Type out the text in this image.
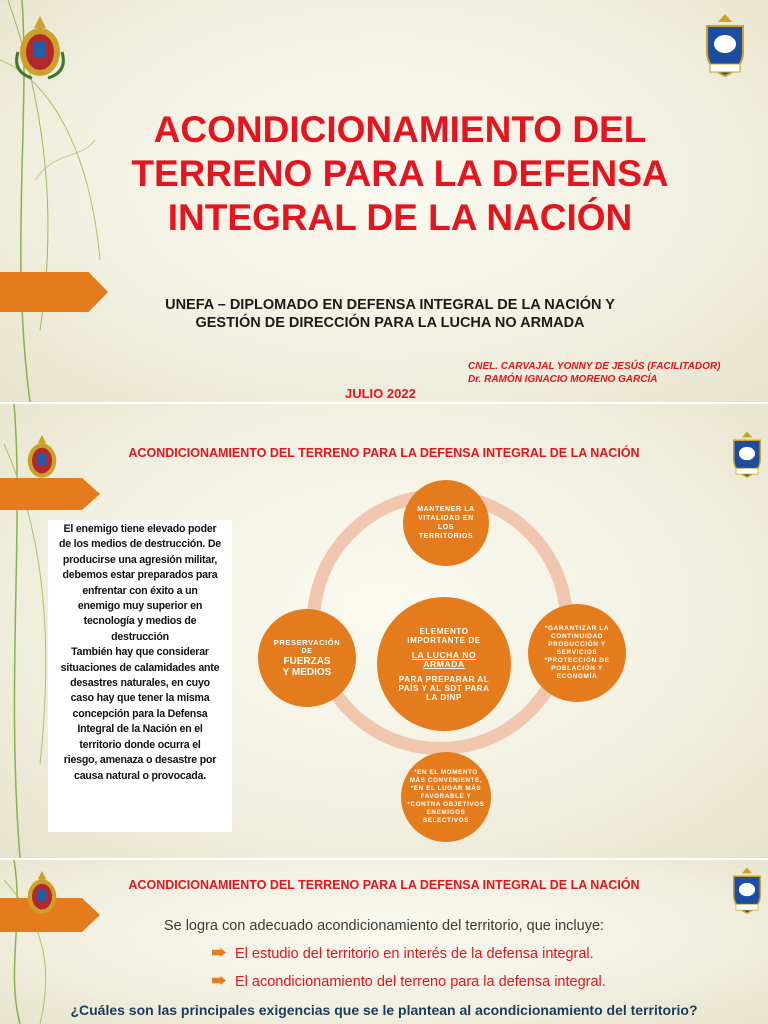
ACONDICIONAMIENTO DEL
TERRENO PARA LA DEFENSA
INTEGRAL DE LA NACIÓN
UNEFA – DIPLOMADO EN DEFENSA INTEGRAL DE LA NACIÓN Y
GESTIÓN DE DIRECCIÓN PARA LA LUCHA NO ARMADA
CNEL. CARVAJAL YONNY DE JESÚS (FACILITADOR)
Dr. RAMÓN IGNACIO MORENO GARCÍA
JULIO 2022
ACONDICIONAMIENTO DEL TERRENO PARA LA DEFENSA INTEGRAL DE LA NACIÓN
El enemigo tiene elevado poder
de los medios de destrucción. De
producirse una agresión militar,
debemos estar preparados para
enfrentar con éxito a un
enemigo muy superior en
tecnología y medios de
destrucción
También hay que considerar
situaciones de calamidades ante
desastres naturales, en cuyo
caso hay que tener la misma
concepción para la Defensa
Integral de la Nación en el
territorio donde ocurra el
riesgo, amenaza o desastre por
causa natural o provocada.
ELEMENTO
IMPORTANTE DE
LA LUCHA NO
ARMADA
PARA PREPARAR AL
PAÍS Y AL SDT PARA
LA DINP
MANTENER LA
VITALIDAD EN
LOS
TERRITORIOS
PRESERVACIÓN
DE
FUERZAS
Y MEDIOS
*GARANTIZAR LA
CONTINUIDAD
PRODUCCIÓN Y
SERVICIOS
*PROTECCIÓN DE
POBLACIÓN Y
ECONOMÍA
*EN EL MOMENTO
MÁS CONVENIENTE,
*EN EL LUGAR MÁS
FAVORABLE Y
*CONTRA OBJETIVOS
ENEMIGOS
SELECTIVOS
ACONDICIONAMIENTO DEL TERRENO PARA LA DEFENSA INTEGRAL DE LA NACIÓN
Se logra con adecuado acondicionamiento del territorio, que incluye:
El estudio del territorio en interés de la defensa integral.
El acondicionamiento del terreno para la defensa integral.
¿Cuáles son las principales exigencias que se le plantean al acondicionamiento del territorio?
